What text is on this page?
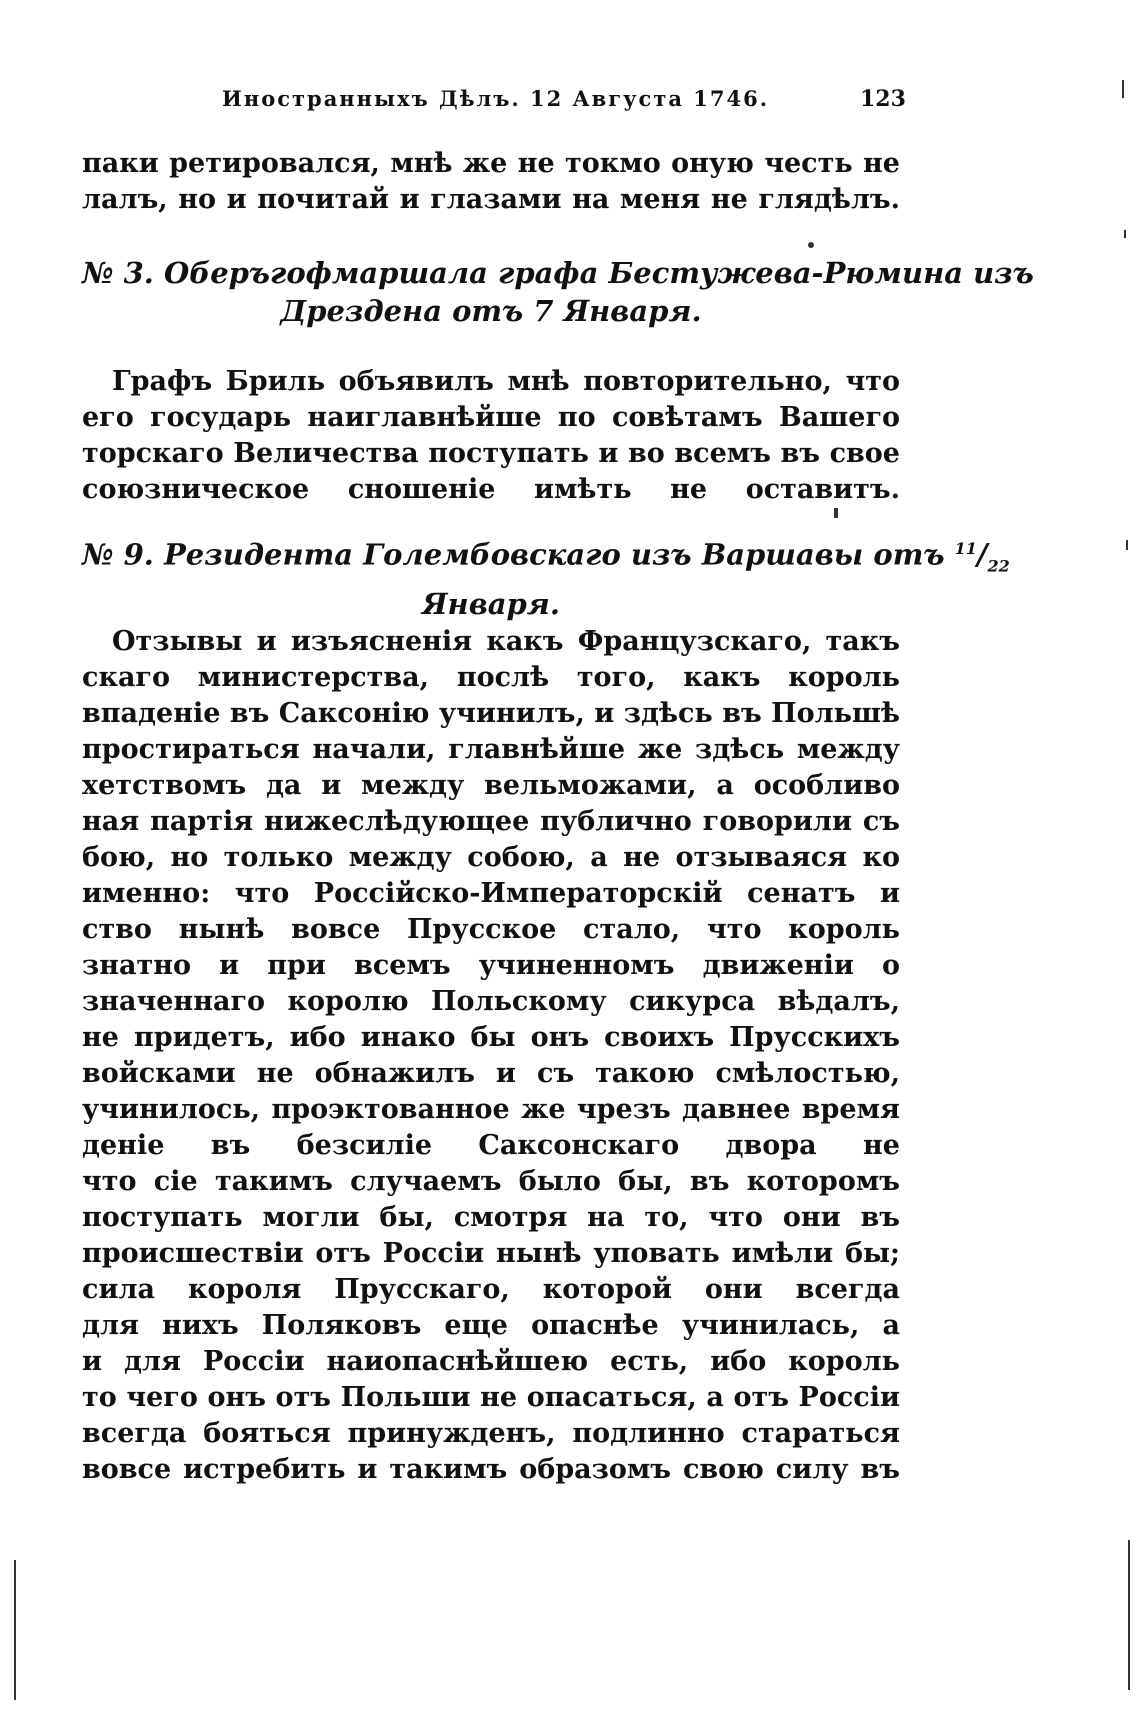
Иностранныхъ Дѣлъ. 12 Августа 1746.	123
паки ретировался, мнѣ же не токмо оную честь не
лалъ, но и почитай и глазами на меня не глядѣлъ.
№ 3. Оберъгофмаршала графа Бестужева-Рюмина изъ
Дрездена отъ 7 Января.
Графъ Бриль объявилъ мнѣ повторительно, что
его государь наиглавнѣйше по совѣтамъ Вашего
торскаго Величества поступать и во всемъ въ свое
союзническое сношеніе имѣть не оставитъ.
№ 9. Резидента Голембовскаго изъ Варшавы отъ $^{11}/_{22}$
Января.
Отзывы и изъясненія какъ Французскаго, такъ
скаго министерства, послѣ того, какъ король
впаденіе въ Саксонію учинилъ, и здѣсь въ Польшѣ
простираться начали, главнѣйше же здѣсь между
хетствомъ да и между вельможами, а особливо
ная партія нижеслѣдующее публично говорили съ
бою, но только между собою, а не отзываяся ко
именно: что Россійско-Императорскій сенатъ и
ство нынѣ вовсе Прусское стало, что король
знатно и при всемъ учиненномъ движеніи о
значеннаго королю Польскому сикурса вѣдалъ,
не придетъ, ибо инако бы онъ своихъ Прусскихъ
войсками не обнажилъ и съ такою смѣлостью,
учинилось, проэктованное же чрезъ давнее время
деніе въ безсиліе Саксонскаго двора не
что сіе такимъ случаемъ было бы, въ которомъ
поступать могли бы, смотря на то, что они въ
происшествіи отъ Россіи нынѣ уповать имѣли бы;
сила короля Прусскаго, которой они всегда
для нихъ Поляковъ еще опаснѣе учинилась, а
и для Россіи наиопаснѣйшею есть, ибо король
то чего онъ отъ Польши не опасаться, а отъ Россіи
всегда бояться принужденъ, подлинно стараться
вовсе истребить и такимъ образомъ свою силу въ
